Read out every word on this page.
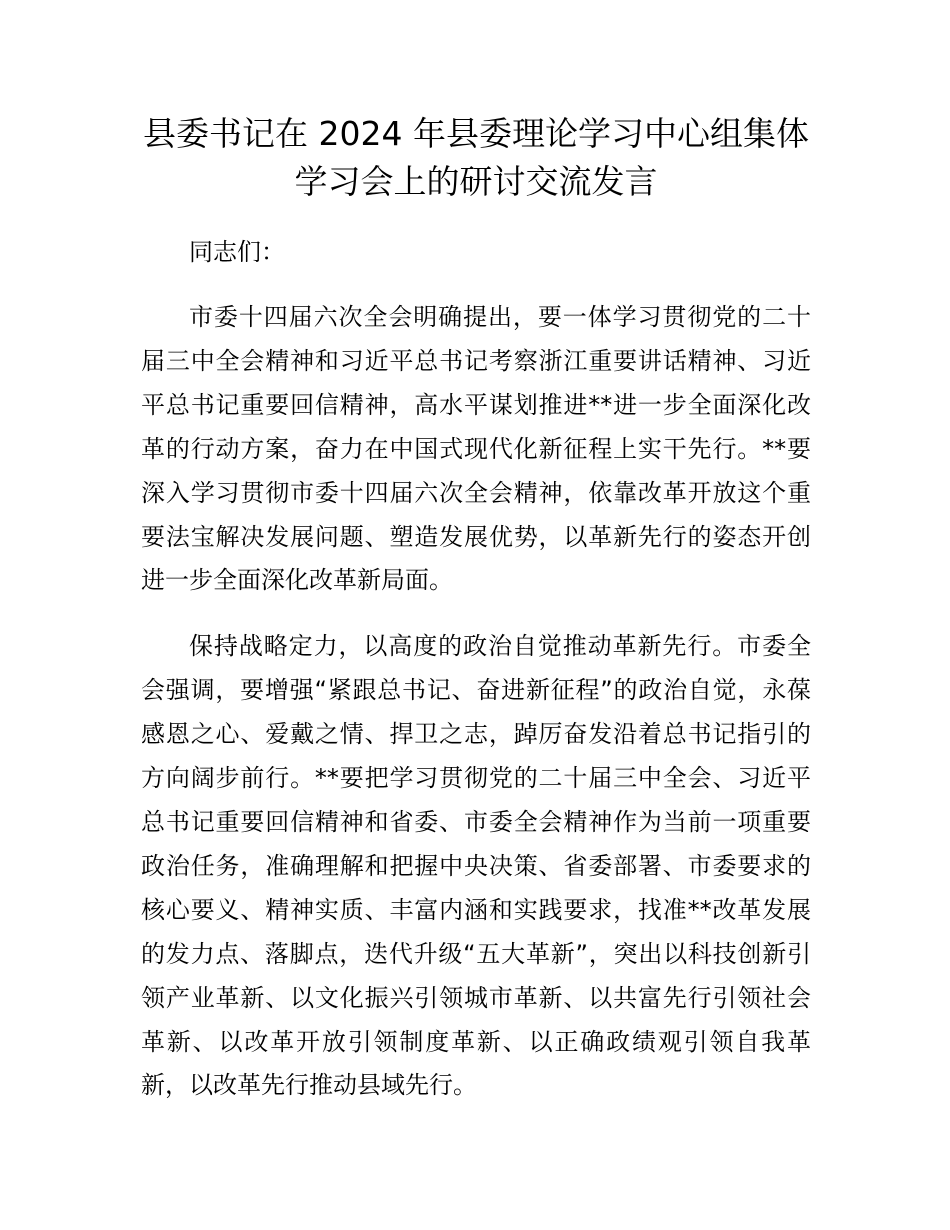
县委书记在 2024 年县委理论学习中心组集体
学习会上的研讨交流发言

同志们：

市委十四届六次全会明确提出，要一体学习贯彻党的二十届三中全会精神和习近平总书记考察浙江重要讲话精神、习近平总书记重要回信精神，高水平谋划推进**进一步全面深化改革的行动方案，奋力在中国式现代化新征程上实干先行。**要深入学习贯彻市委十四届六次全会精神，依靠改革开放这个重要法宝解决发展问题、塑造发展优势，以革新先行的姿态开创进一步全面深化改革新局面。

保持战略定力，以高度的政治自觉推动革新先行。市委全会强调，要增强“紧跟总书记、奋进新征程”的政治自觉，永葆感恩之心、爱戴之情、捍卫之志，踔厉奋发沿着总书记指引的方向阔步前行。**要把学习贯彻党的二十届三中全会、习近平总书记重要回信精神和省委、市委全会精神作为当前一项重要政治任务，准确理解和把握中央决策、省委部署、市委要求的核心要义、精神实质、丰富内涵和实践要求，找准**改革发展的发力点、落脚点，迭代升级“五大革新”，突出以科技创新引领产业革新、以文化振兴引领城市革新、以共富先行引领社会革新、以改革开放引领制度革新、以正确政绩观引领自我革新，以改革先行推动县域先行。
